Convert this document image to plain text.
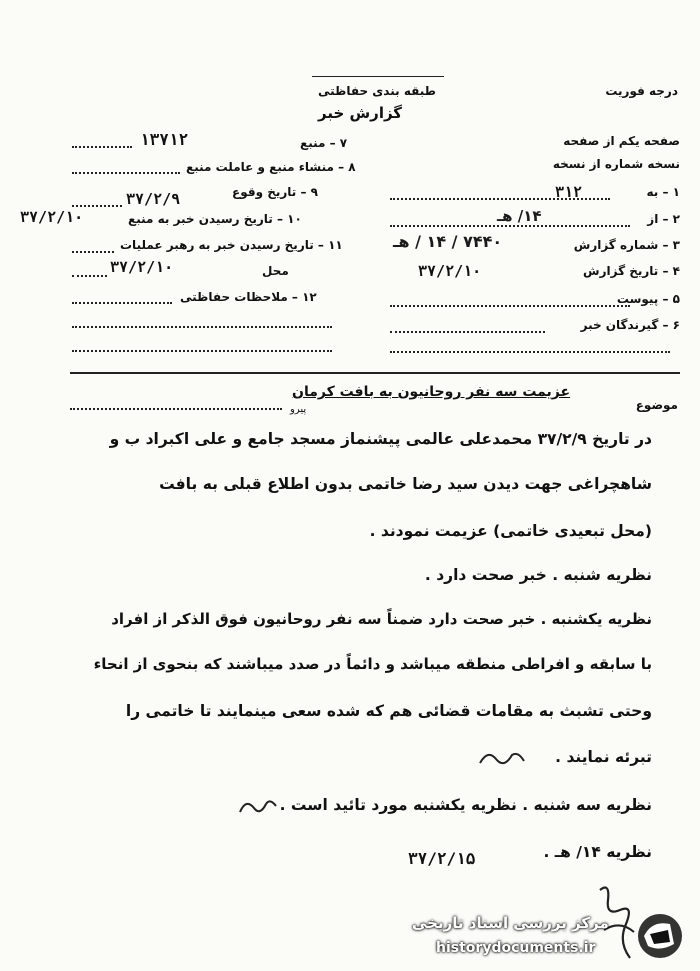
درجه فوریت
طبقه بندی حفاظتی
گزارش خبر
صفحه یکم از صفحه
نسخه شماره از نسخه
۱ – به
۳۱۲
۲ – از
۱۴/ هـ
۳ – شماره گزارش
۷۴۴۰ / ۱۴ / هـ
۴ – تاریخ گزارش
۳۷/۲/۱۰
۵ – پیوست
۶ – گیرندگان خبر
۷ – منبع
۱۳۷۱۲
۸ – منشاء منبع و عاملت منبع
۹ – تاریخ وقوع
۳۷/۲/۹
۱۰ – تاریخ رسیدن خبر به منبع
۳۷/۲/۱۰
۱۱ – تاریخ رسیدن خبر به رهبر عملیات
محل
۳۷/۲/۱۰
۱۲ – ملاحظات حفاظتی
موضوع
عزیمت سه نفر روحانیون به بافت کرمان
پیرو
در تاریخ ۳۷/۲/۹ محمدعلی عالمی پیشنماز مسجد جامع و علی اکبراد ب و
شاهچراغی جهت دیدن سید رضا خاتمی بدون اطلاع قبلی به بافت
(محل تبعیدی خاتمی) عزیمت نمودند .
نظریه شنبه . خبر صحت دارد .
نظریه یکشنبه . خبر صحت دارد ضمناً سه نفر روحانیون فوق الذکر از افراد
با سابقه و افراطی منطقه میباشد و دائماً در صدد میباشند که بنحوی از انحاء
وحتی تشبث به مقامات قضائی هم که شده سعی مینمایند تا خاتمی را
تبرئه نمایند .
نظریه سه شنبه . نظریه یکشنبه مورد تائید است .
نظریه ۱۴/ هـ .
۳۷/۲/۱۵
مرکز بررسی اسناد تاریخی
historydocuments.ir
